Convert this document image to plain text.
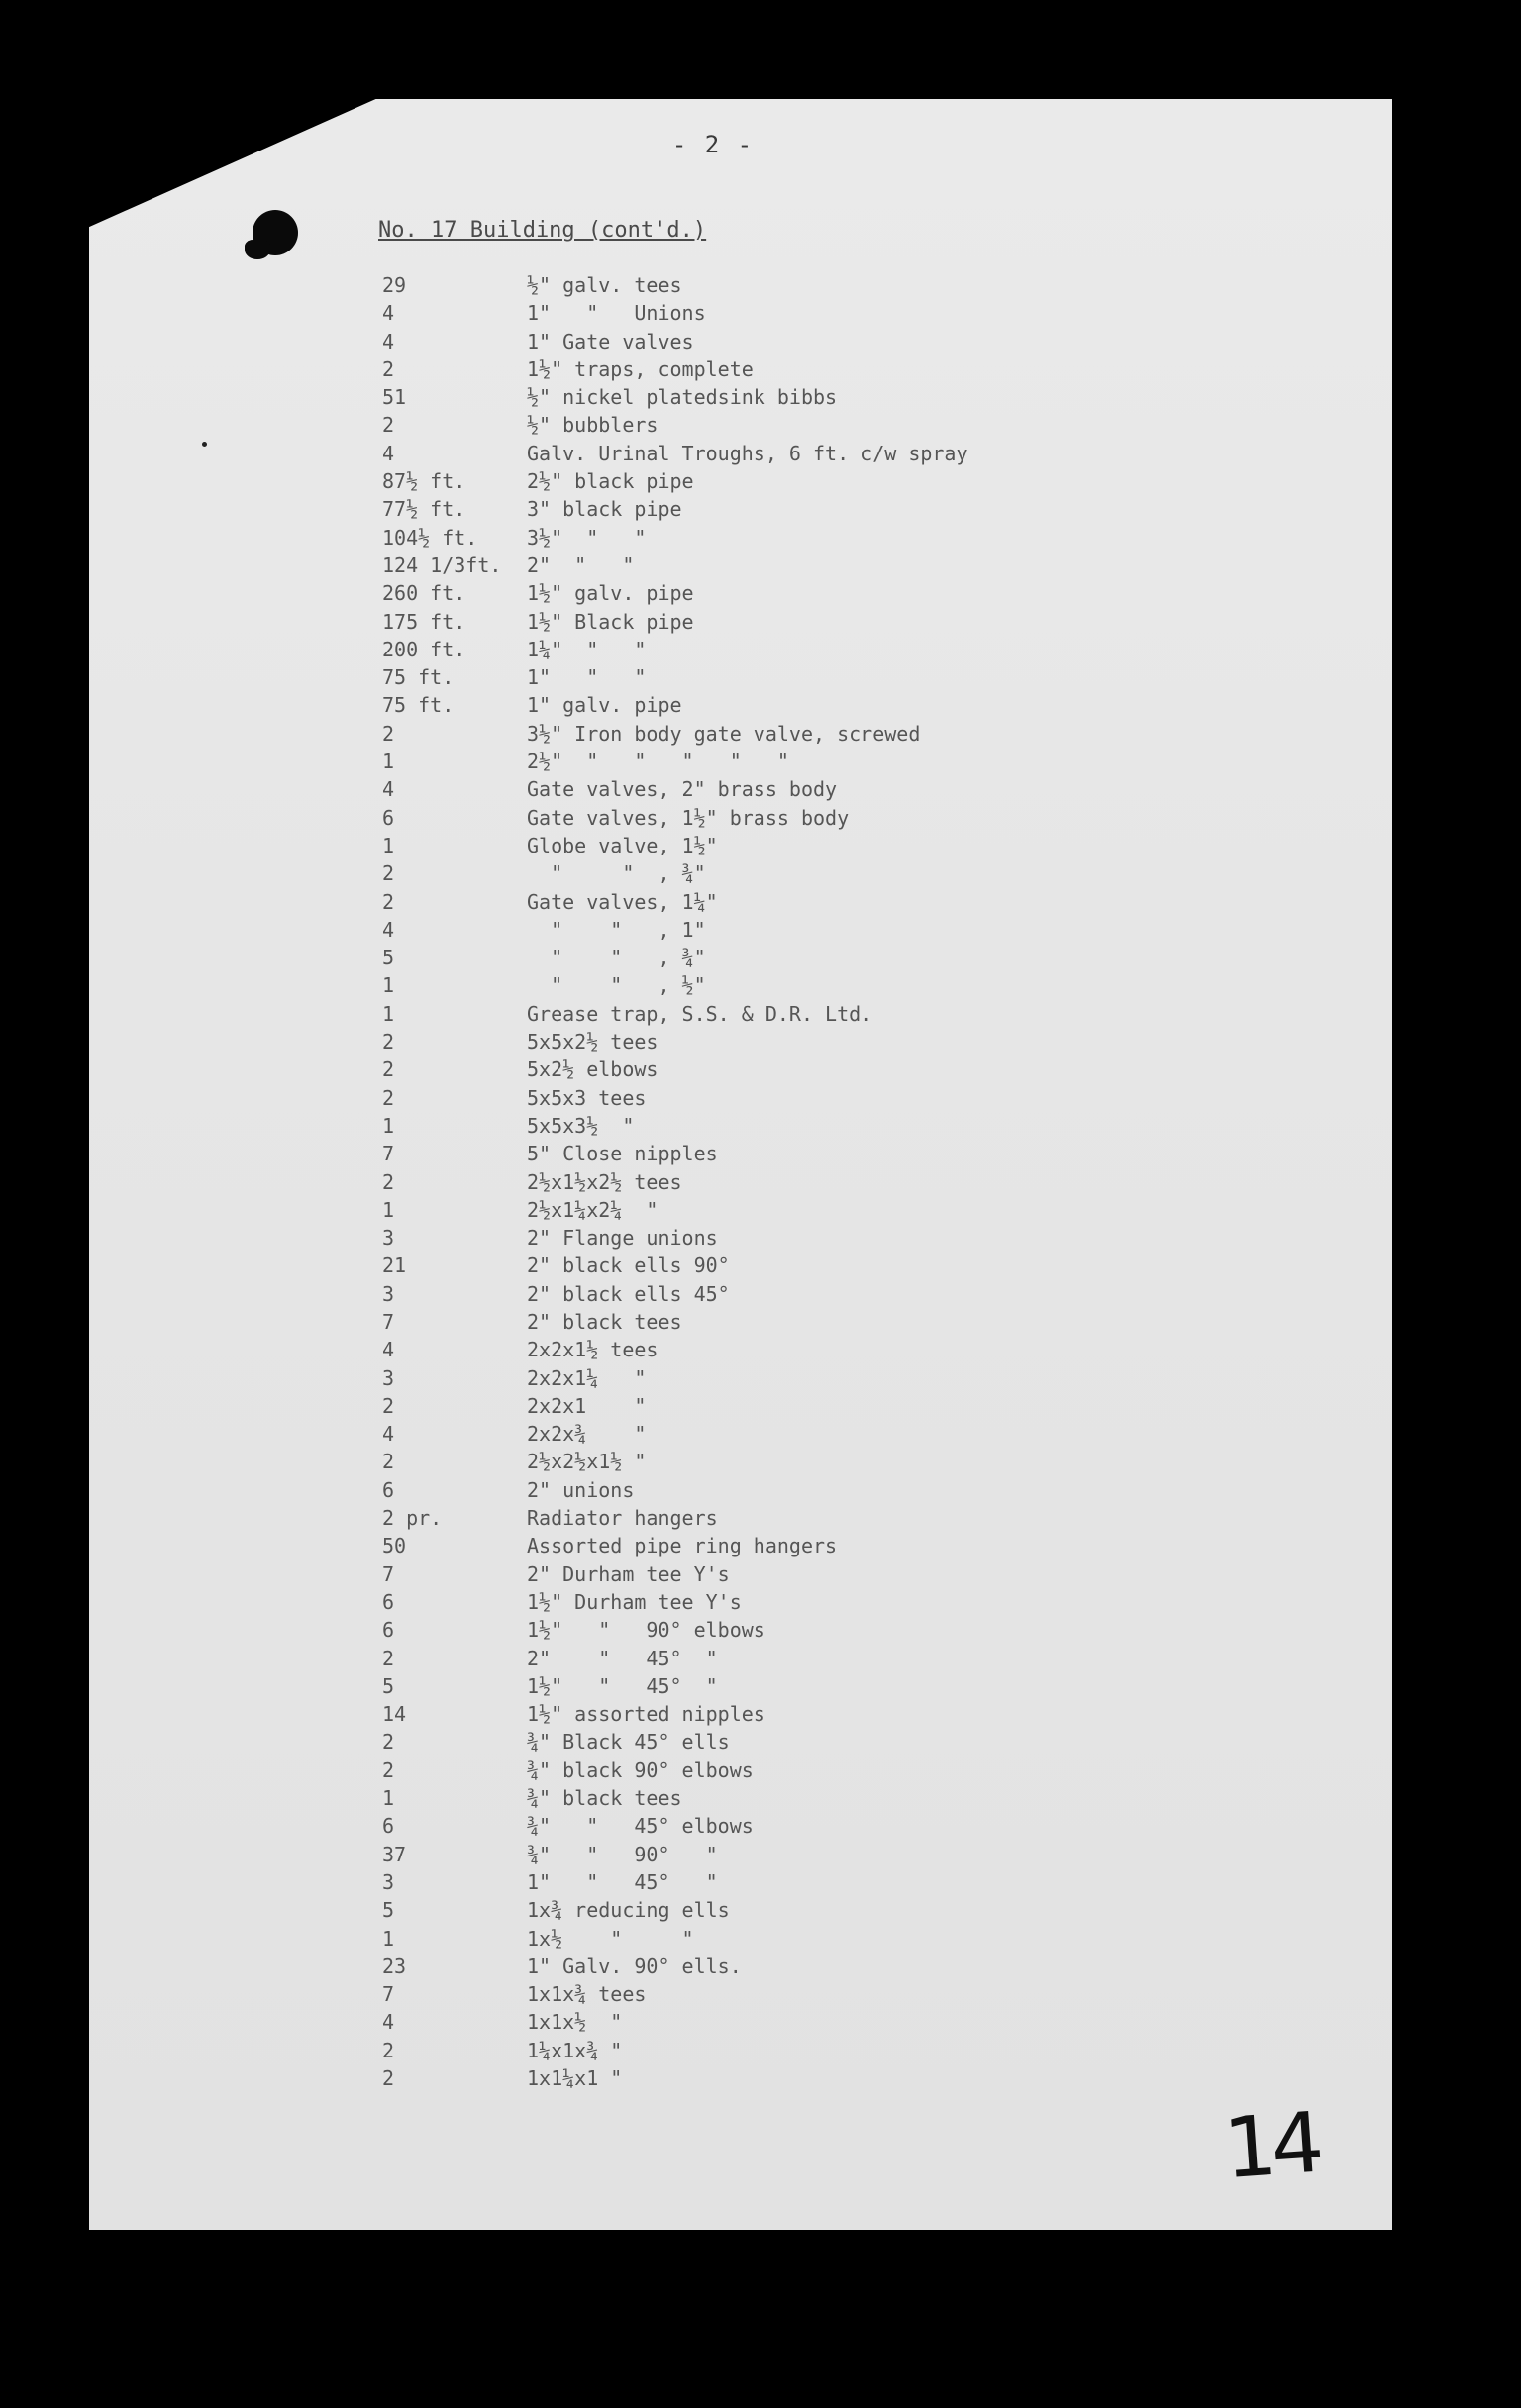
- 2 -
No. 17 Building (cont'd.)
29	½" galv. tees
4	1"   "   Unions
4	1" Gate valves
2	1½" traps, complete
51	½" nickel platedsink bibbs
2	½" bubblers
4	Galv. Urinal Troughs, 6 ft. c/w spray
87½ ft.	2½" black pipe
77½ ft.	3" black pipe
104½ ft.	3½"  "   "
124 1/3ft.	2"  "   "
260 ft.	1½" galv. pipe
175 ft.	1½" Black pipe
200 ft.	1¼"  "   "
75 ft.	1"   "   "
75 ft.	1" galv. pipe
2	3½" Iron body gate valve, screwed
1	2½"  "   "   "   "   "
4	Gate valves, 2" brass body
6	Gate valves, 1½" brass body
1	Globe valve, 1½"
2	"     "  , ¾"
2	Gate valves, 1¼"
4	"    "   , 1"
5	"    "   , ¾"
1	"    "   , ½"
1	Grease trap, S.S. & D.R. Ltd.
2	5x5x2½ tees
2	5x2½ elbows
2	5x5x3 tees
1	5x5x3½  "
7	5" Close nipples
2	2½x1½x2½ tees
1	2½x1¼x2¼  "
3	2" Flange unions
21	2" black ells 90°
3	2" black ells 45°
7	2" black tees
4	2x2x1½ tees
3	2x2x1¼   "
2	2x2x1    "
4	2x2x¾    "
2	2½x2½x1½ "
6	2" unions
2 pr.	Radiator hangers
50	Assorted pipe ring hangers
7	2" Durham tee Y's
6	1½" Durham tee Y's
6	1½"   "   90° elbows
2	2"    "   45°  "
5	1½"   "   45°  "
14	1½" assorted nipples
2	¾" Black 45° ells
2	¾" black 90° elbows
1	¾" black tees
6	¾"   "   45° elbows
37	¾"   "   90°   "
3	1"   "   45°   "
5	1x¾ reducing ells
1	1x½    "     "
23	1" Galv. 90° ells.
7	1x1x¾ tees
4	1x1x½  "
2	1¼x1x¾ "
2	1x1¼x1 "
14
